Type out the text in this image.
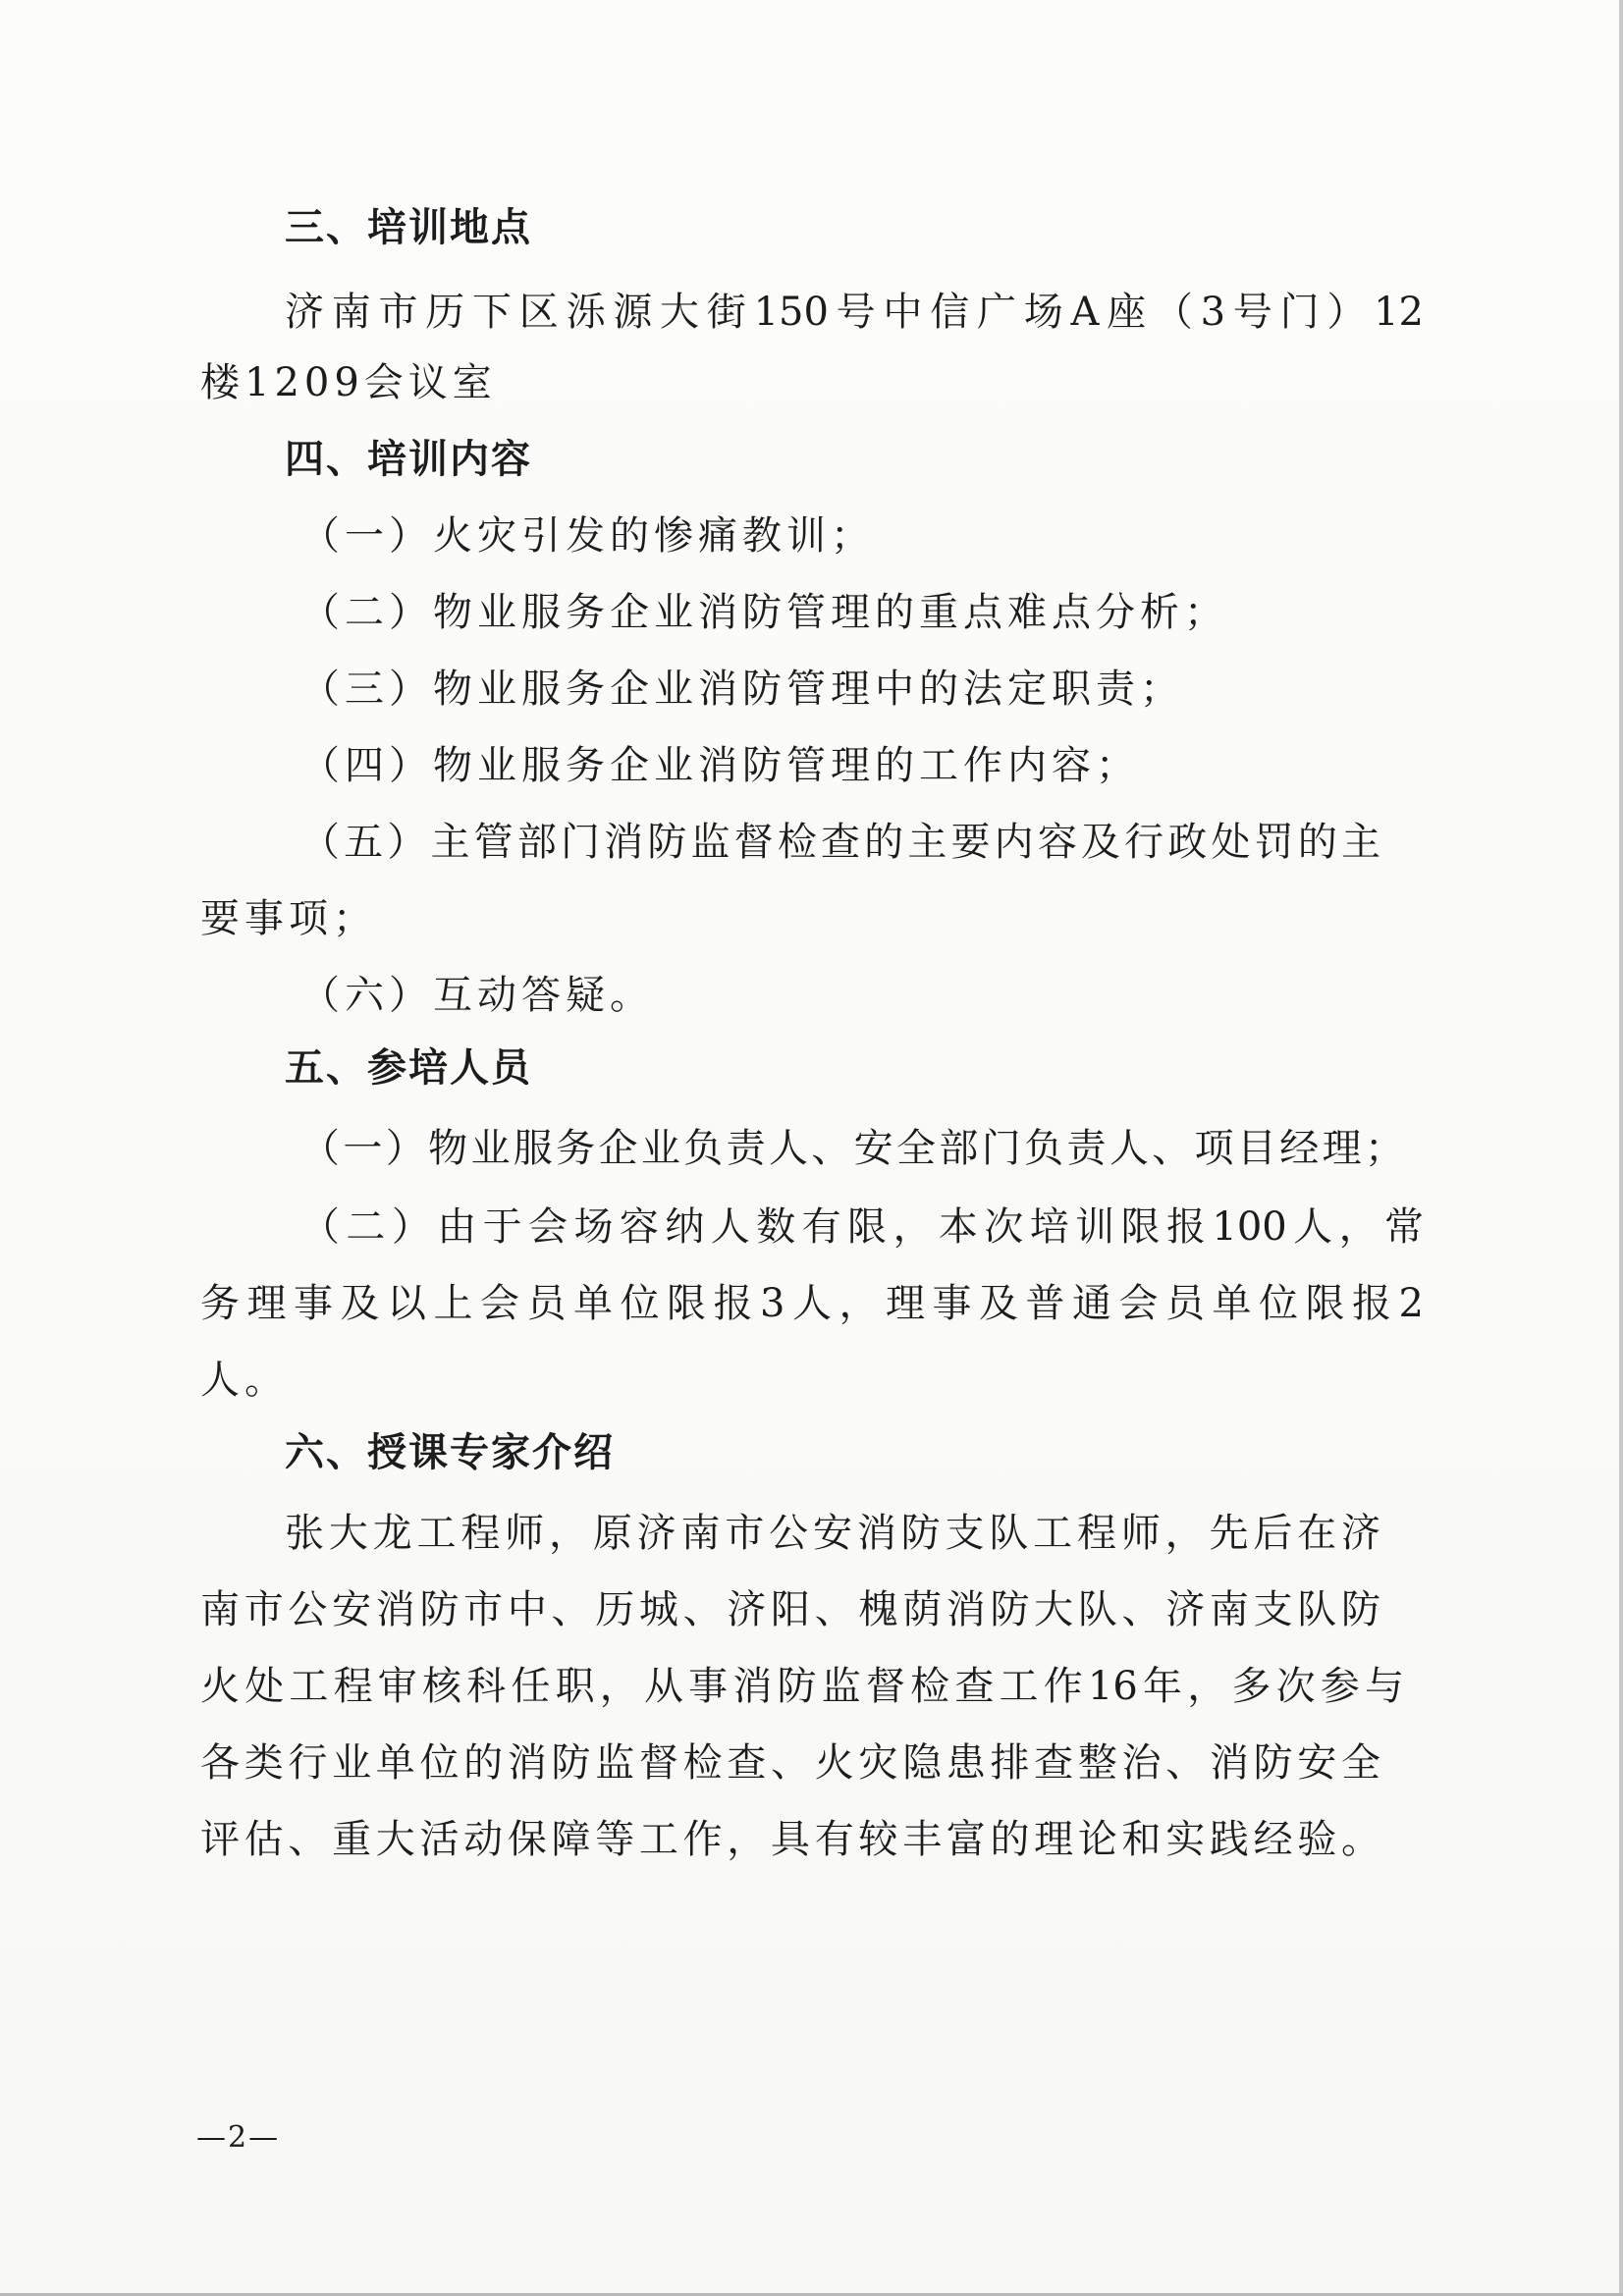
三、培训地点
济南市历下区泺源大街150号中信广场A座（3号门）12
楼1209会议室
四、培训内容
（一）火灾引发的惨痛教训；
（二）物业服务企业消防管理的重点难点分析；
（三）物业服务企业消防管理中的法定职责；
（四）物业服务企业消防管理的工作内容；
（五）主管部门消防监督检查的主要内容及行政处罚的主
要事项；
（六）互动答疑。
五、参培人员
（一）物业服务企业负责人、安全部门负责人、项目经理；
（二）由于会场容纳人数有限，本次培训限报100人，常
务理事及以上会员单位限报3人，理事及普通会员单位限报2
人。
六、授课专家介绍
张大龙工程师，原济南市公安消防支队工程师，先后在济
南市公安消防市中、历城、济阳、槐荫消防大队、济南支队防
火处工程审核科任职，从事消防监督检查工作16年，多次参与
各类行业单位的消防监督检查、火灾隐患排查整治、消防安全
评估、重大活动保障等工作，具有较丰富的理论和实践经验。
—2—
